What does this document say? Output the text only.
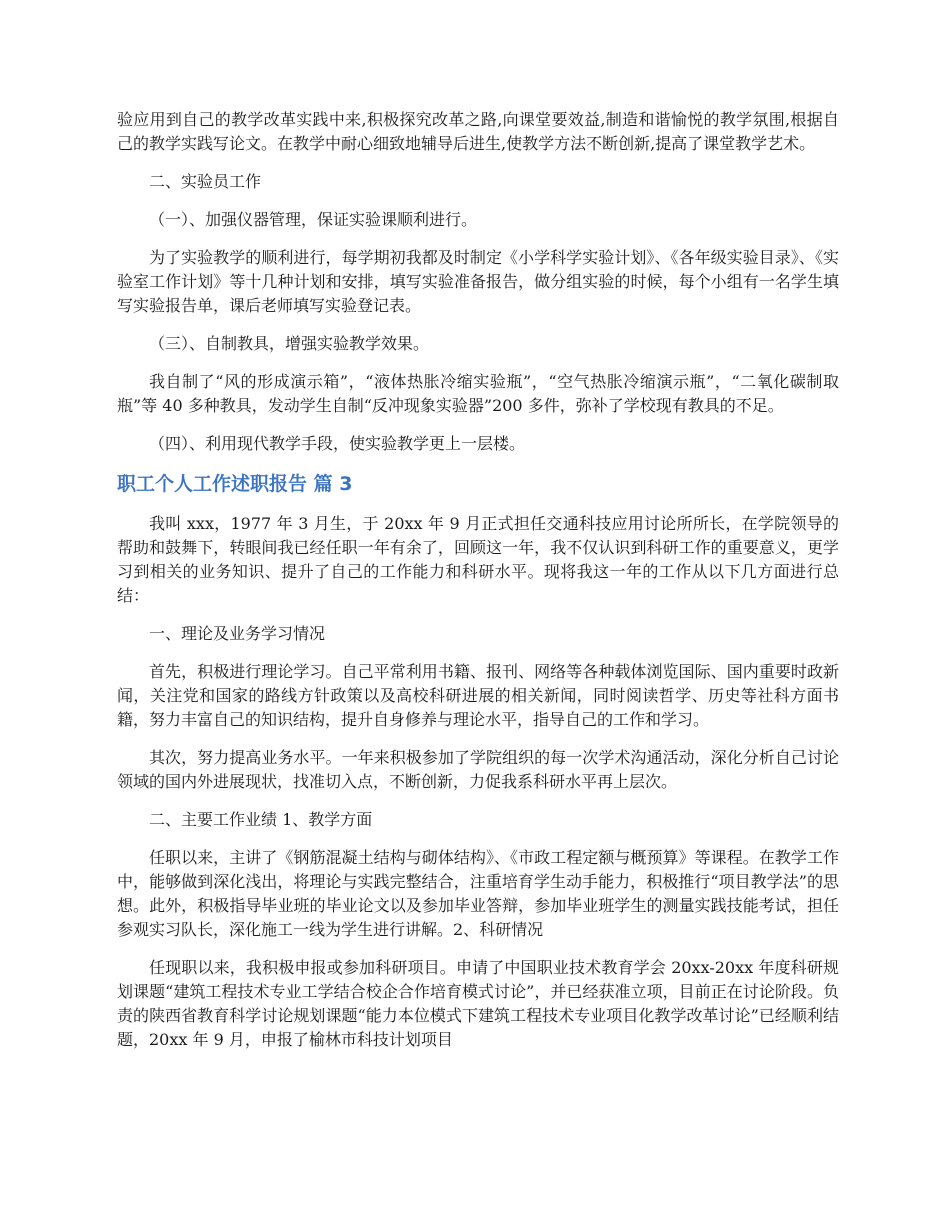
验应用到自己的教学改革实践中来,积极探究改革之路,向课堂要效益,制造和谐愉悦的教学氛围,根据自己的教学实践写论文。在教学中耐心细致地辅导后进生,使教学方法不断创新,提高了课堂教学艺术。

二、实验员工作

（一）、加强仪器管理，保证实验课顺利进行。

为了实验教学的顺利进行，每学期初我都及时制定《小学科学实验计划》、《各年级实验目录》、《实验室工作计划》等十几种计划和安排，填写实验准备报告，做分组实验的时候，每个小组有一名学生填写实验报告单，课后老师填写实验登记表。

（三）、自制教具，增强实验教学效果。

我自制了“风的形成演示箱”，“液体热胀冷缩实验瓶”，“空气热胀冷缩演示瓶”，“二氧化碳制取瓶”等 40 多种教具，发动学生自制“反冲现象实验器”200 多件，弥补了学校现有教具的不足。

（四）、利用现代教学手段，使实验教学更上一层楼。

职工个人工作述职报告 篇 3

我叫 xxx，1977 年 3 月生，于 20xx 年 9 月正式担任交通科技应用讨论所所长，在学院领导的帮助和鼓舞下，转眼间我已经任职一年有余了，回顾这一年，我不仅认识到科研工作的重要意义，更学习到相关的业务知识、提升了自己的工作能力和科研水平。现将我这一年的工作从以下几方面进行总结：

一、理论及业务学习情况

首先，积极进行理论学习。自己平常利用书籍、报刊、网络等各种载体浏览国际、国内重要时政新闻，关注党和国家的路线方针政策以及高校科研进展的相关新闻，同时阅读哲学、历史等社科方面书籍，努力丰富自己的知识结构，提升自身修养与理论水平，指导自己的工作和学习。

其次，努力提高业务水平。一年来积极参加了学院组织的每一次学术沟通活动，深化分析自己讨论领域的国内外进展现状，找准切入点，不断创新，力促我系科研水平再上层次。

二、主要工作业绩 1、教学方面

任职以来，主讲了《钢筋混凝土结构与砌体结构》、《市政工程定额与概预算》等课程。在教学工作中，能够做到深化浅出，将理论与实践完整结合，注重培育学生动手能力，积极推行“项目教学法”的思想。此外，积极指导毕业班的毕业论文以及参加毕业答辩，参加毕业班学生的测量实践技能考试，担任参观实习队长，深化施工一线为学生进行讲解。2、科研情况

任现职以来，我积极申报或参加科研项目。申请了中国职业技术教育学会 20xx-20xx 年度科研规划课题“建筑工程技术专业工学结合校企合作培育模式讨论”，并已经获准立项，目前正在讨论阶段。负责的陕西省教育科学讨论规划课题“能力本位模式下建筑工程技术专业项目化教学改革讨论”已经顺利结题，20xx 年 9 月，申报了榆林市科技计划项目
